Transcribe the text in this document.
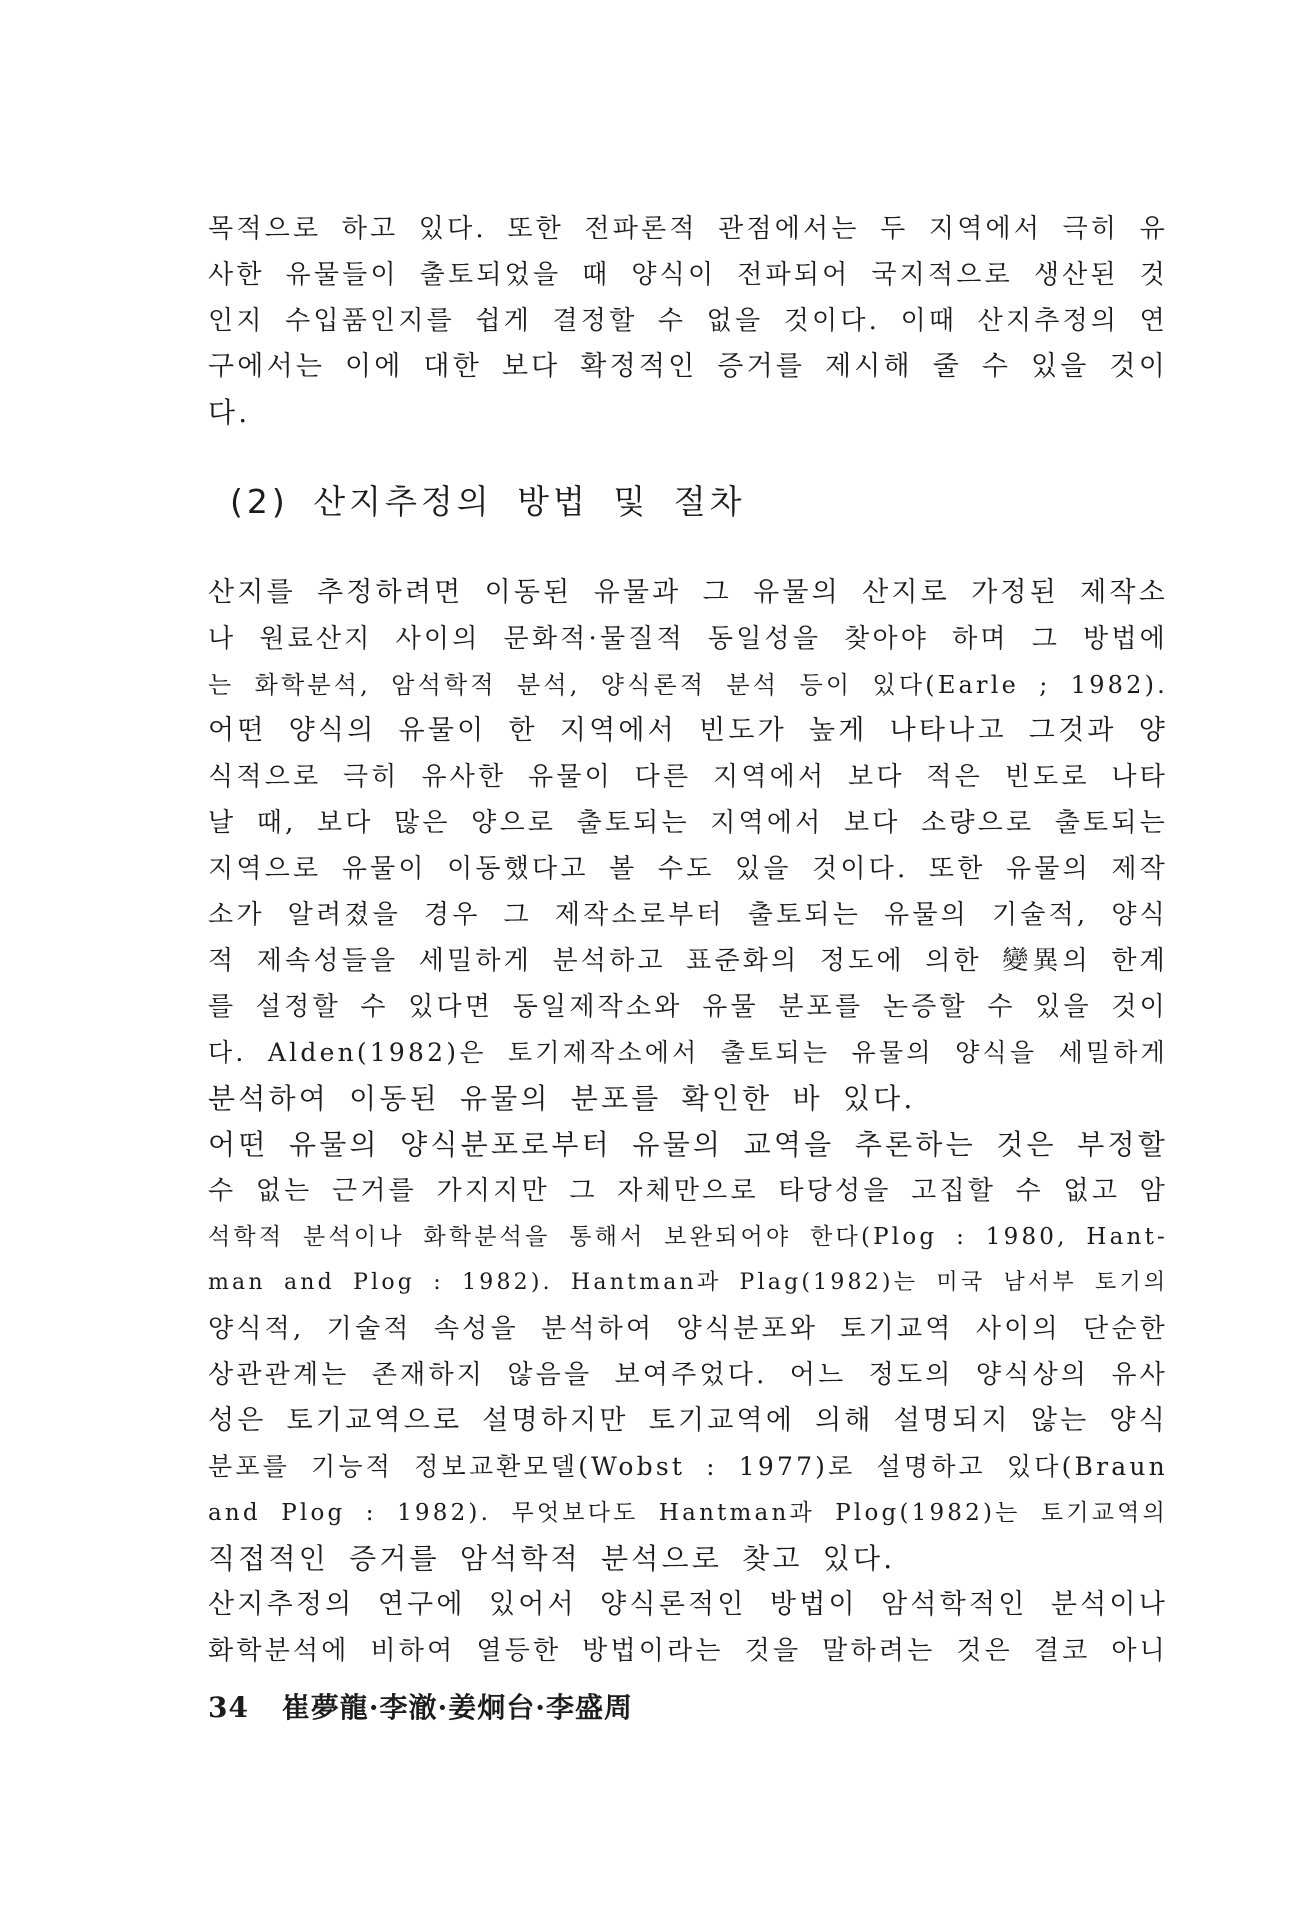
목적으로 하고 있다. 또한 전파론적 관점에서는 두 지역에서 극히 유
사한 유물들이 출토되었을 때 양식이 전파되어 국지적으로 생산된 것
인지 수입품인지를 쉽게 결정할 수 없을 것이다. 이때 산지추정의 연
구에서는 이에 대한 보다 확정적인 증거를 제시해 줄 수 있을 것이
다.
(2) 산지추정의 방법 및 절차
산지를 추정하려면 이동된 유물과 그 유물의 산지로 가정된 제작소
나 원료산지 사이의 문화적·물질적 동일성을 찾아야 하며 그 방법에
는 화학분석, 암석학적 분석, 양식론적 분석 등이 있다(Earle ; 1982).
어떤 양식의 유물이 한 지역에서 빈도가 높게 나타나고 그것과 양
식적으로 극히 유사한 유물이 다른 지역에서 보다 적은 빈도로 나타
날 때, 보다 많은 양으로 출토되는 지역에서 보다 소량으로 출토되는
지역으로 유물이 이동했다고 볼 수도 있을 것이다. 또한 유물의 제작
소가 알려졌을 경우 그 제작소로부터 출토되는 유물의 기술적, 양식
적 제속성들을 세밀하게 분석하고 표준화의 정도에 의한 變異의 한계
를 설정할 수 있다면 동일제작소와 유물 분포를 논증할 수 있을 것이
다. Alden(1982)은 토기제작소에서 출토되는 유물의 양식을 세밀하게
분석하여 이동된 유물의 분포를 확인한 바 있다.
어떤 유물의 양식분포로부터 유물의 교역을 추론하는 것은 부정할
수 없는 근거를 가지지만 그 자체만으로 타당성을 고집할 수 없고 암
석학적 분석이나 화학분석을 통해서 보완되어야 한다(Plog : 1980, Hant-
man and Plog : 1982). Hantman과 Plag(1982)는 미국 남서부 토기의
양식적, 기술적 속성을 분석하여 양식분포와 토기교역 사이의 단순한
상관관계는 존재하지 않음을 보여주었다. 어느 정도의 양식상의 유사
성은 토기교역으로 설명하지만 토기교역에 의해 설명되지 않는 양식
분포를 기능적 정보교환모델(Wobst : 1977)로 설명하고 있다(Braun
and Plog : 1982). 무엇보다도 Hantman과 Plog(1982)는 토기교역의
직접적인 증거를 암석학적 분석으로 찾고 있다.
산지추정의 연구에 있어서 양식론적인 방법이 암석학적인 분석이나
화학분석에 비하여 열등한 방법이라는 것을 말하려는 것은 결코 아니
34 崔夢龍·李澈·姜炯台·李盛周
